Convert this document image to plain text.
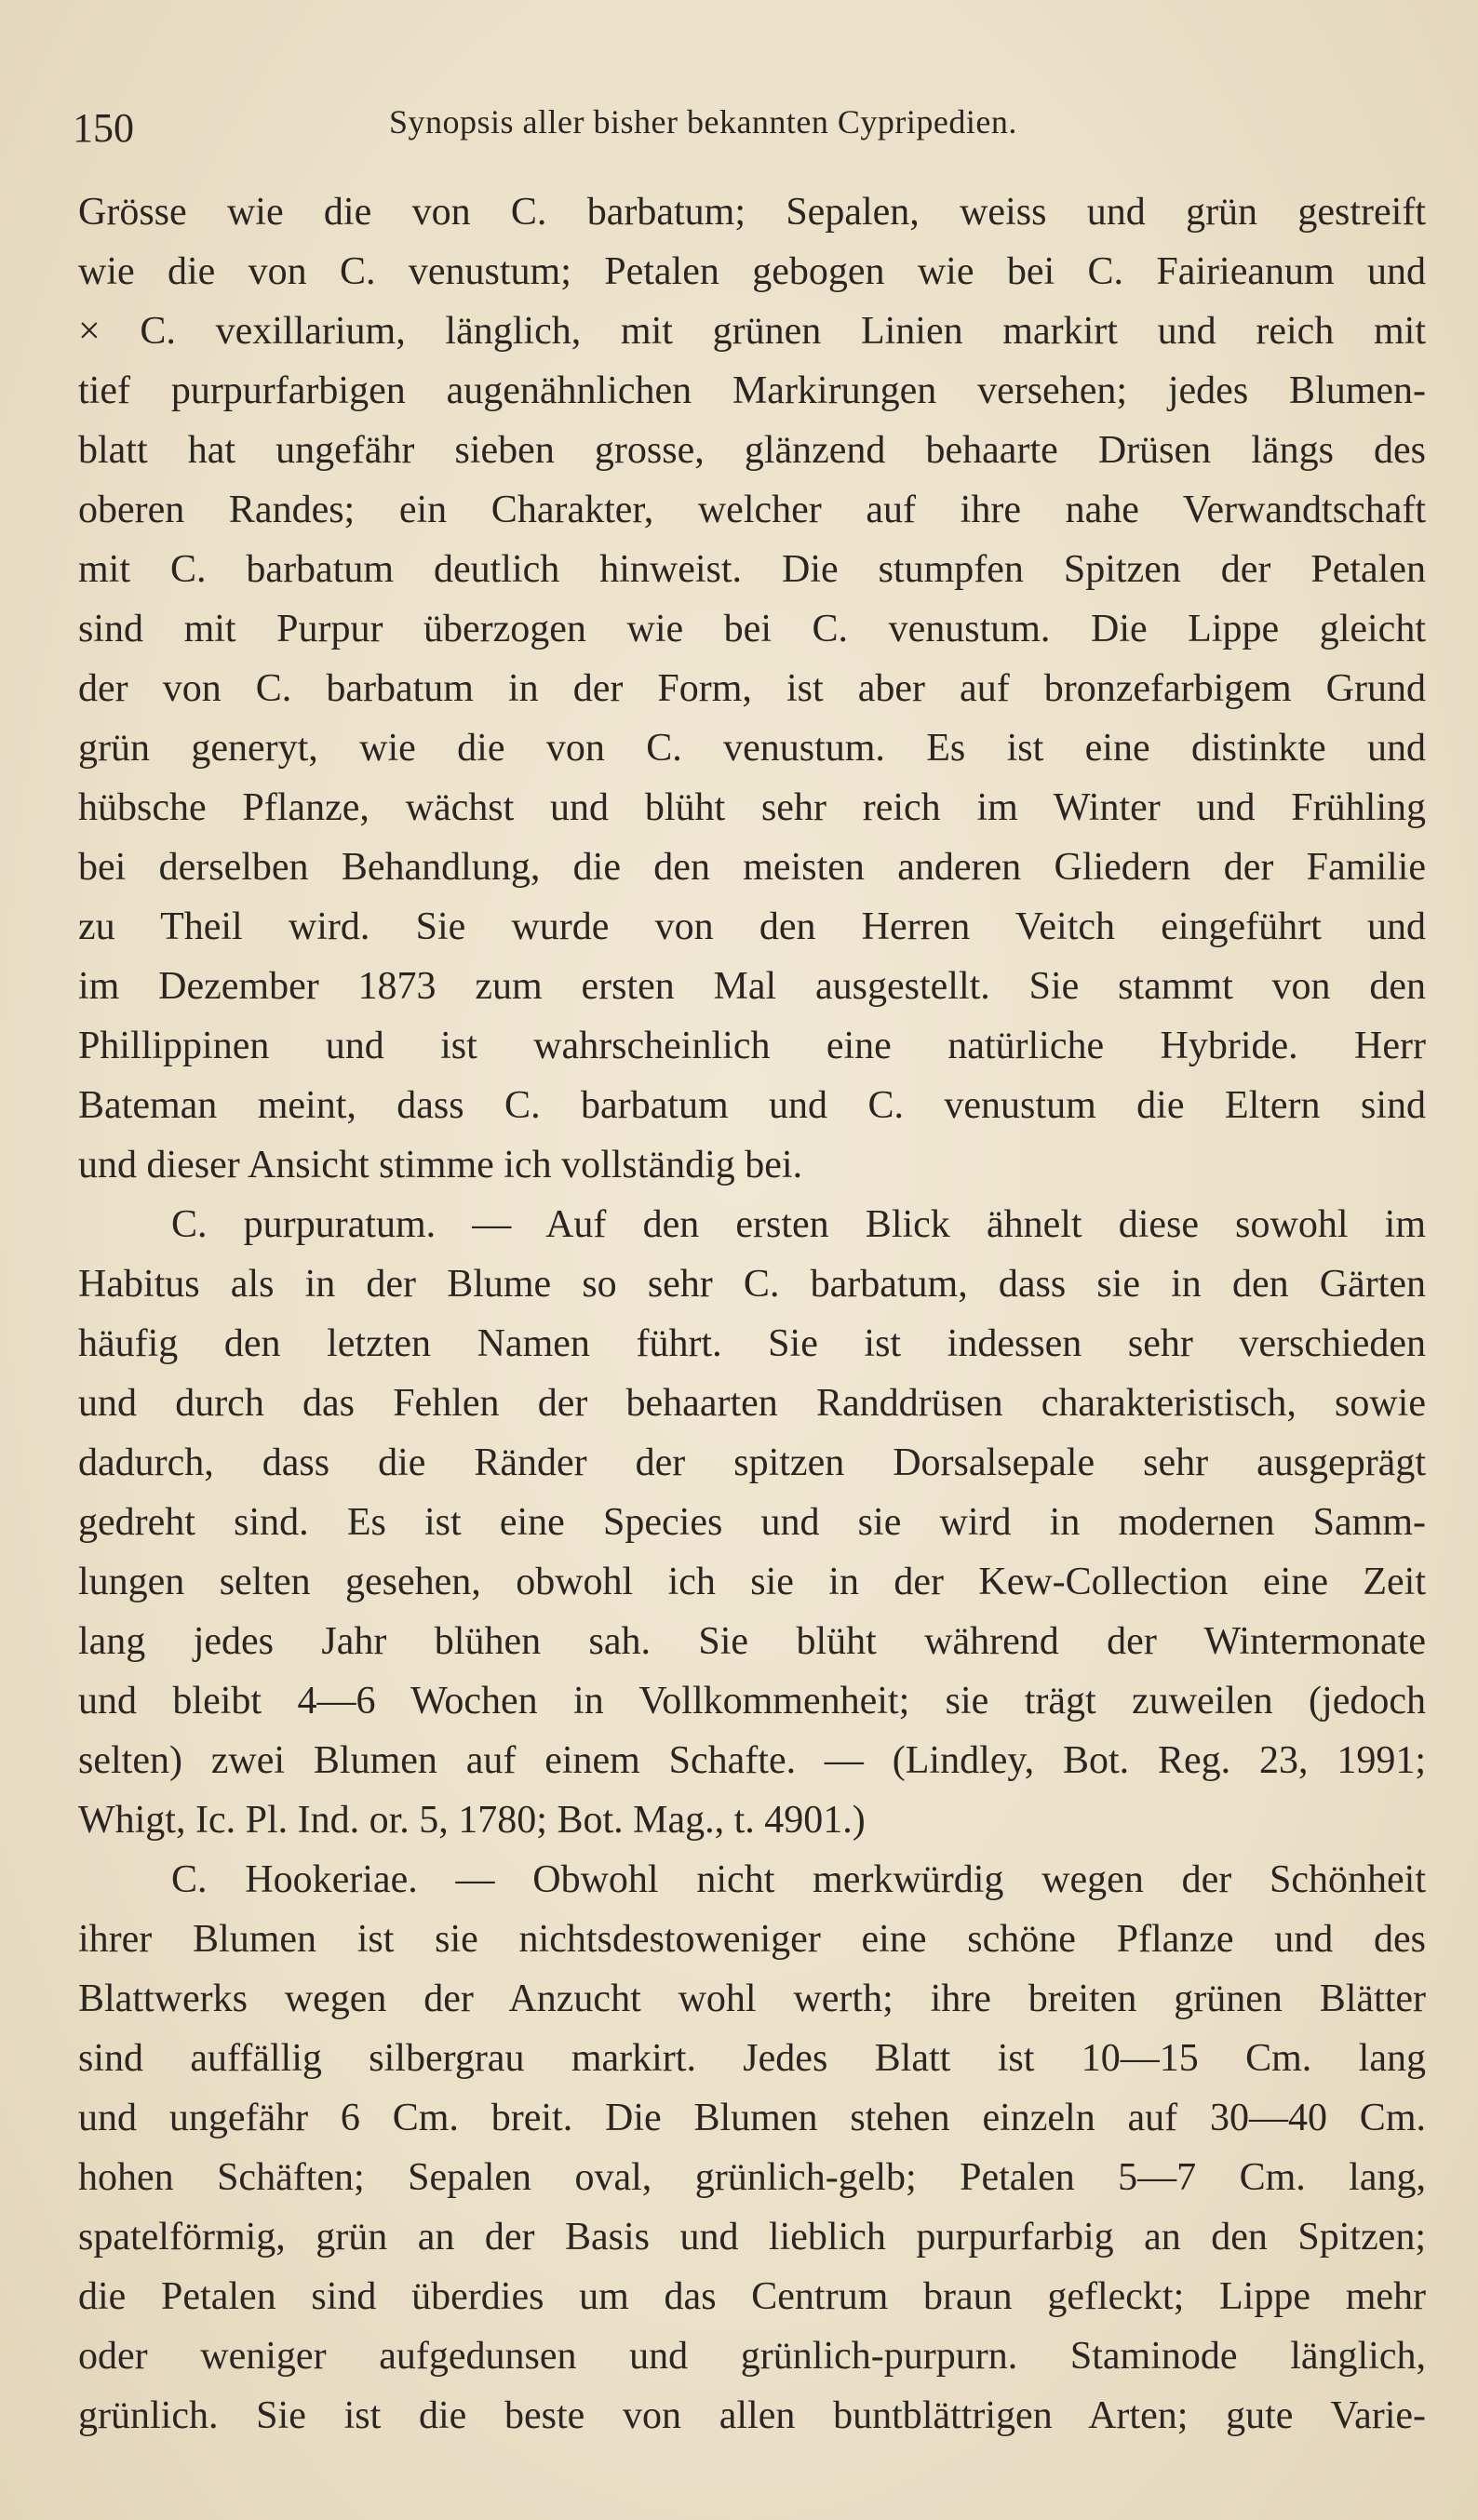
150	Synopsis aller bisher bekannten Cypripedien.
Grösse wie die von C. barbatum; Sepalen, weiss und grün gestreift
wie die von C. venustum; Petalen gebogen wie bei C. Fairieanum und
× C. vexillarium, länglich, mit grünen Linien markirt und reich mit
tief purpurfarbigen augenähnlichen Markirungen versehen; jedes Blumen-
blatt hat ungefähr sieben grosse, glänzend behaarte Drüsen längs des
oberen Randes; ein Charakter, welcher auf ihre nahe Verwandtschaft
mit C. barbatum deutlich hinweist. Die stumpfen Spitzen der Petalen
sind mit Purpur überzogen wie bei C. venustum. Die Lippe gleicht
der von C. barbatum in der Form, ist aber auf bronzefarbigem Grund
grün generyt, wie die von C. venustum. Es ist eine distinkte und
hübsche Pflanze, wächst und blüht sehr reich im Winter und Frühling
bei derselben Behandlung, die den meisten anderen Gliedern der Familie
zu Theil wird. Sie wurde von den Herren Veitch eingeführt und
im Dezember 1873 zum ersten Mal ausgestellt. Sie stammt von den
Phillippinen und ist wahrscheinlich eine natürliche Hybride. Herr
Bateman meint, dass C. barbatum und C. venustum die Eltern sind
und dieser Ansicht stimme ich vollständig bei.
C. purpuratum. — Auf den ersten Blick ähnelt diese sowohl im
Habitus als in der Blume so sehr C. barbatum, dass sie in den Gärten
häufig den letzten Namen führt. Sie ist indessen sehr verschieden
und durch das Fehlen der behaarten Randdrüsen charakteristisch, sowie
dadurch, dass die Ränder der spitzen Dorsalsepale sehr ausgeprägt
gedreht sind. Es ist eine Species und sie wird in modernen Samm-
lungen selten gesehen, obwohl ich sie in der Kew-Collection eine Zeit
lang jedes Jahr blühen sah. Sie blüht während der Wintermonate
und bleibt 4—6 Wochen in Vollkommenheit; sie trägt zuweilen (jedoch
selten) zwei Blumen auf einem Schafte. — (Lindley, Bot. Reg. 23, 1991;
Whigt, Ic. Pl. Ind. or. 5, 1780; Bot. Mag., t. 4901.)
C. Hookeriae. — Obwohl nicht merkwürdig wegen der Schönheit
ihrer Blumen ist sie nichtsdestoweniger eine schöne Pflanze und des
Blattwerks wegen der Anzucht wohl werth; ihre breiten grünen Blätter
sind auffällig silbergrau markirt. Jedes Blatt ist 10—15 Cm. lang
und ungefähr 6 Cm. breit. Die Blumen stehen einzeln auf 30—40 Cm.
hohen Schäften; Sepalen oval, grünlich-gelb; Petalen 5—7 Cm. lang,
spatelförmig, grün an der Basis und lieblich purpurfarbig an den Spitzen;
die Petalen sind überdies um das Centrum braun gefleckt; Lippe mehr
oder weniger aufgedunsen und grünlich-purpurn. Staminode länglich,
grünlich. Sie ist die beste von allen buntblättrigen Arten; gute Varie-
